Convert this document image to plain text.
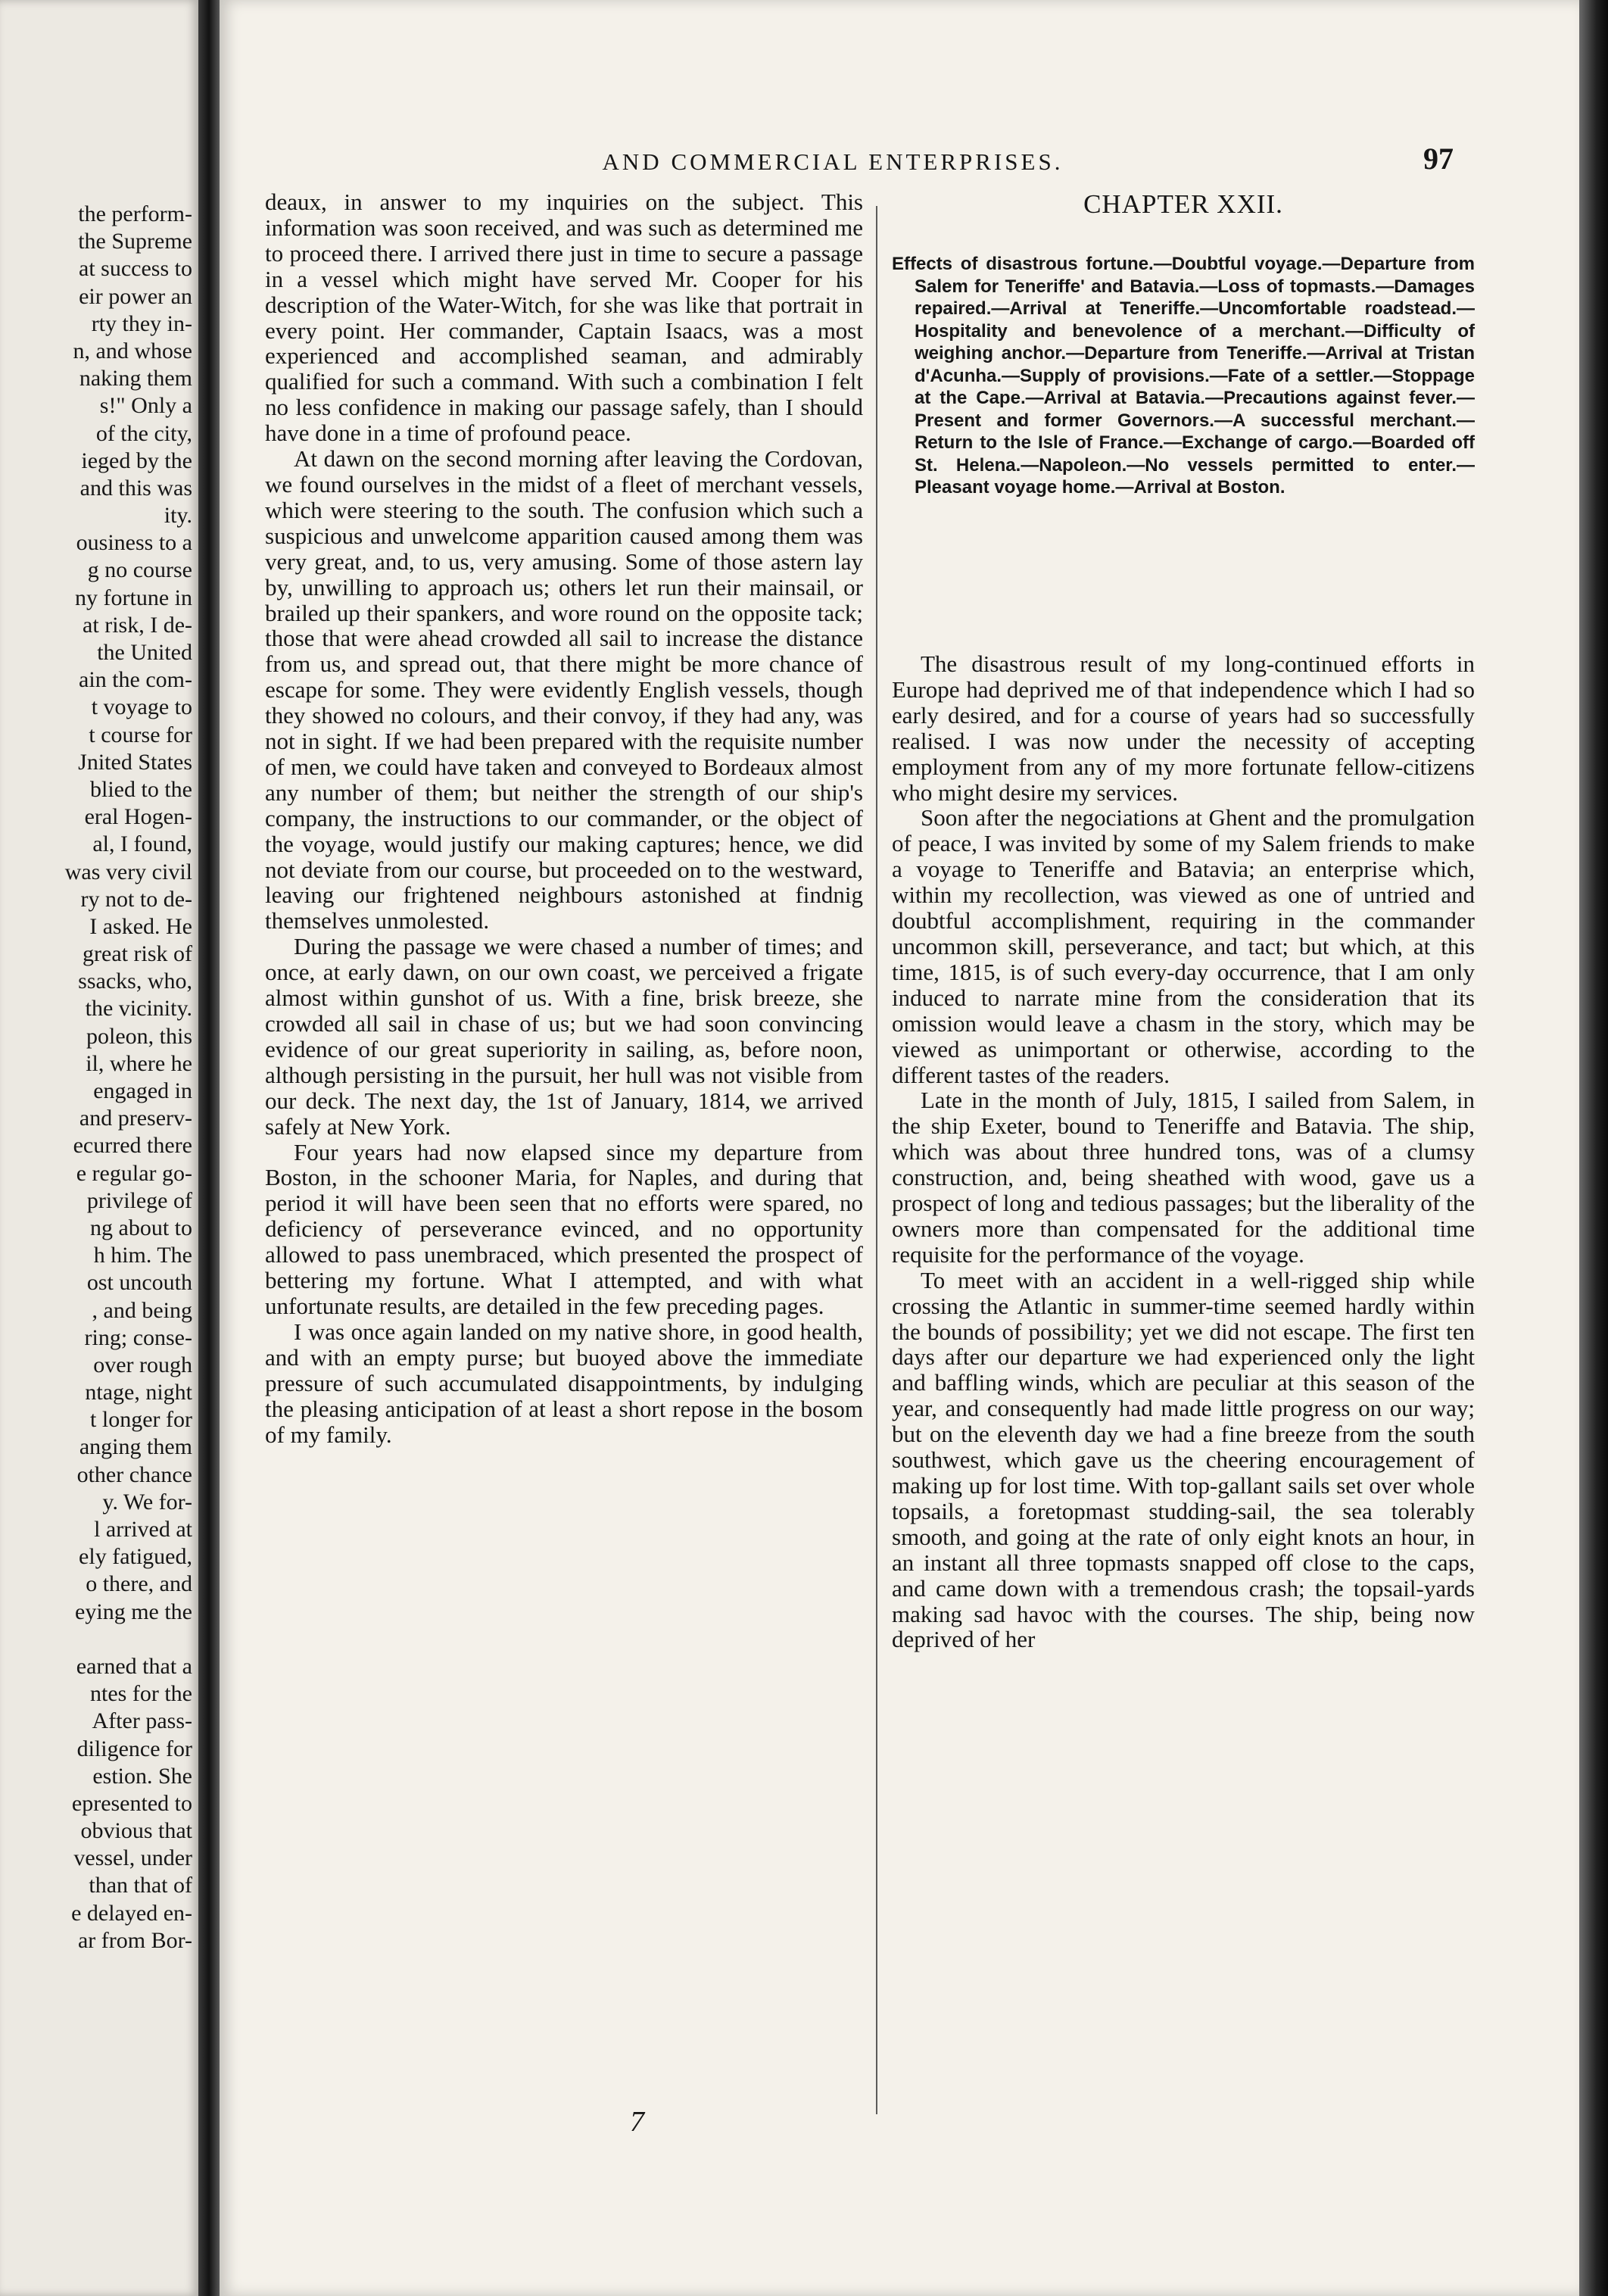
the perform-
the Supreme
at success to
eir power an
rty they in-
n, and whose
naking them
s!" Only a
of the city,
ieged by the
and this was
ity.
ousiness to a
g no course
ny fortune in
at risk, I de-
the United
ain the com-
t voyage to
t course for
Jnited States
blied to the
eral Hogen-
al, I found,
was very civil
ry not to de-
I asked. He
great risk of
ssacks, who,
the vicinity.
poleon, this
il, where he
engaged in
and preserv-
ecurred there
e regular go-
privilege of
ng about to
h him. The
ost uncouth
, and being
ring; conse-
over rough
ntage, night
t longer for
anging them
other chance
y. We for-
l arrived at
ely fatigued,
o there, and
eying me the
earned that a
ntes for the
After pass-
diligence for
estion. She
epresented to
obvious that
vessel, under
than that of
e delayed en-
ar from Bor-
AND COMMERCIAL ENTERPRISES.	97

deaux, in answer to my inquiries on the subject. This information was soon received, and was such as determined me to proceed there. I arrived there just in time to secure a passage in a vessel which might have served Mr. Cooper for his description of the Water-Witch, for she was like that portrait in every point. Her commander, Captain Isaacs, was a most experienced and accomplished seaman, and admirably qualified for such a command. With such a combination I felt no less confidence in making our passage safely, than I should have done in a time of profound peace.

At dawn on the second morning after leaving the Cordovan, we found ourselves in the midst of a fleet of merchant vessels, which were steering to the south. The confusion which such a suspicious and unwelcome apparition caused among them was very great, and, to us, very amusing. Some of those astern lay by, unwilling to approach us; others let run their mainsail, or brailed up their spankers, and wore round on the opposite tack; those that were ahead crowded all sail to increase the distance from us, and spread out, that there might be more chance of escape for some. They were evidently English vessels, though they showed no colours, and their convoy, if they had any, was not in sight. If we had been prepared with the requisite number of men, we could have taken and conveyed to Bordeaux almost any number of them; but neither the strength of our ship's company, the instructions to our commander, or the object of the voyage, would justify our making captures; hence, we did not deviate from our course, but proceeded on to the westward, leaving our frightened neighbours astonished at findnig themselves unmolested.

During the passage we were chased a number of times; and once, at early dawn, on our own coast, we perceived a frigate almost within gunshot of us. With a fine, brisk breeze, she crowded all sail in chase of us; but we had soon convincing evidence of our great superiority in sailing, as, before noon, although persisting in the pursuit, her hull was not visible from our deck. The next day, the 1st of January, 1814, we arrived safely at New York.

Four years had now elapsed since my departure from Boston, in the schooner Maria, for Naples, and during that period it will have been seen that no efforts were spared, no deficiency of perseverance evinced, and no opportunity allowed to pass unembraced, which presented the prospect of bettering my fortune. What I attempted, and with what unfortunate results, are detailed in the few preceding pages.

I was once again landed on my native shore, in good health, and with an empty purse; but buoyed above the immediate pressure of such accumulated disappointments, by indulging the pleasing anticipation of at least a short repose in the bosom of my family.

CHAPTER XXII.
Effects of disastrous fortune.—Doubtful voyage.—Departure from Salem for Teneriffe' and Batavia.—Loss of topmasts.—Damages repaired.—Arrival at Teneriffe.—Uncomfortable roadstead.—Hospitality and benevolence of a merchant.—Difficulty of weighing anchor.—Departure from Teneriffe.—Arrival at Tristan d'Acunha.—Supply of provisions.—Fate of a settler.—Stoppage at the Cape.—Arrival at Batavia.—Precautions against fever.—Present and former Governors.—A successful merchant.—Return to the Isle of France.—Exchange of cargo.—Boarded off St. Helena.—Napoleon.—No vessels permitted to enter.—Pleasant voyage home.—Arrival at Boston.

The disastrous result of my long-continued efforts in Europe had deprived me of that independence which I had so early desired, and for a course of years had so successfully realised. I was now under the necessity of accepting employment from any of my more fortunate fellow-citizens who might desire my services.

Soon after the negociations at Ghent and the promulgation of peace, I was invited by some of my Salem friends to make a voyage to Teneriffe and Batavia; an enterprise which, within my recollection, was viewed as one of untried and doubtful accomplishment, requiring in the commander uncommon skill, perseverance, and tact; but which, at this time, 1815, is of such every-day occurrence, that I am only induced to narrate mine from the consideration that its omission would leave a chasm in the story, which may be viewed as unimportant or otherwise, according to the different tastes of the readers.

Late in the month of July, 1815, I sailed from Salem, in the ship Exeter, bound to Teneriffe and Batavia. The ship, which was about three hundred tons, was of a clumsy construction, and, being sheathed with wood, gave us a prospect of long and tedious passages; but the liberality of the owners more than compensated for the additional time requisite for the performance of the voyage.

To meet with an accident in a well-rigged ship while crossing the Atlantic in summer-time seemed hardly within the bounds of possibility; yet we did not escape. The first ten days after our departure we had experienced only the light and baffling winds, which are peculiar at this season of the year, and consequently had made little progress on our way; but on the eleventh day we had a fine breeze from the south southwest, which gave us the cheering encouragement of making up for lost time. With top-gallant sails set over whole topsails, a foretopmast studding-sail, the sea tolerably smooth, and going at the rate of only eight knots an hour, in an instant all three topmasts snapped off close to the caps, and came down with a tremendous crash; the topsail-yards making sad havoc with the courses. The ship, being now deprived of her

7
